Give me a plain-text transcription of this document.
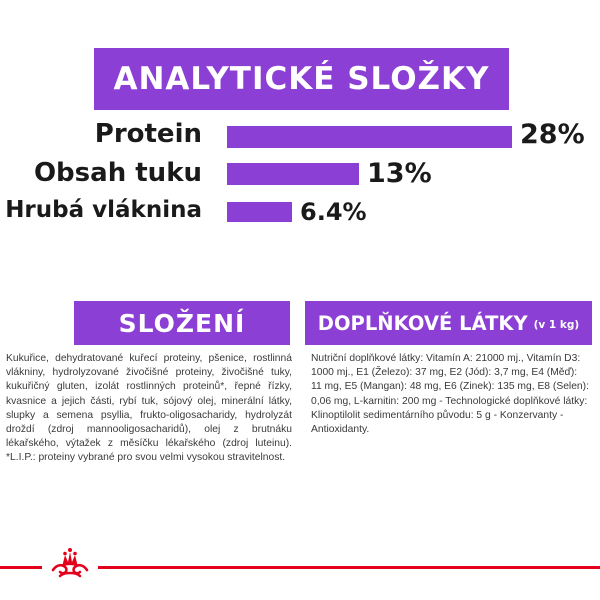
ANALYTICKÉ SLOŽKY
Protein	28%
Obsah tuku	13%
Hrubá vláknina	6.4%
SLOŽENÍ
Kukuřice, dehydratované kuřecí proteiny, pšenice, rostlinná vlákniny, hydrolyzované živočišné proteiny, živočišné tuky, kukuřičný gluten, izolát rostlinných proteinů*, řepné řízky, kvasnice a jejich části, rybí tuk, sójový olej, minerální látky, slupky a semena psyllia, frukto-oligosacharidy, hydrolyzát droždí (zdroj mannooligosacharidů), olej z brutnáku lékařského, výtažek z měsíčku lékařského (zdroj luteinu). *L.I.P.: proteiny vybrané pro svou velmi vysokou stravitelnost.
DOPLŇKOVÉ LÁTKY (v 1 kg)
Nutriční doplňkové látky: Vitamín A: 21000 mj., Vitamín D3: 1000 mj., E1 (Železo): 37 mg, E2 (Jód): 3,7 mg, E4 (Měď): 11 mg, E5 (Mangan): 48 mg, E6 (Zinek): 135 mg, E8 (Selen): 0,06 mg, L-karnitin: 200 mg - Technologické doplňkové látky: Klinoptilolit sedimentárního původu: 5 g - Konzervanty - Antioxidanty.
